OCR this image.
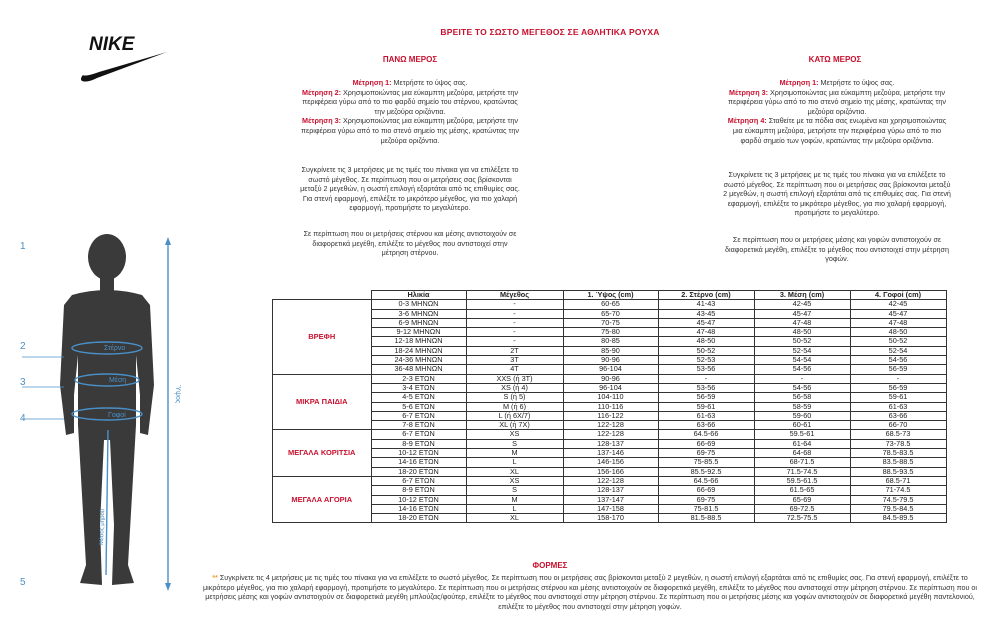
ΒΡΕΙΤΕ ΤΟ ΣΩΣΤΟ ΜΕΓΕΘΟΣ ΣΕ ΑΘΛΗΤΙΚΑ ΡΟΥΧΑ
NIKE
ΠΑΝΩ ΜΕΡΟΣ
Μέτρηση 1: Μετρήστε το ύψος σας.
Μέτρηση 2: Χρησιμοποιώντας μια εύκαμπτη μεζούρα, μετρήστε την περιφέρεια γύρω από το πιο φαρδύ σημείο του στέρνου, κρατώντας την μεζούρα οριζόντια.
Μέτρηση 3: Χρησιμοποιώντας μια εύκαμπτη μεζούρα, μετρήστε την περιφέρεια γύρω από το πιο στενό σημείο της μέσης, κρατώντας την μεζούρα οριζόντια.
Συγκρίνετε τις 3 μετρήσεις με τις τιμές του πίνακα για να επιλέξετε το σωστό μέγεθος. Σε περίπτωση που οι μετρήσεις σας βρίσκονται μεταξύ 2 μεγεθών, η σωστή επιλογή εξαρτάται από τις επιθυμίες σας. Για στενή εφαρμογή, επιλέξτε το μικρότερο μέγεθος, για πιο χαλαρή εφαρμογή, προτιμήστε το μεγαλύτερο.
Σε περίπτωση που οι μετρήσεις στέρνου και μέσης αντιστοιχούν σε διαφορετικά μεγέθη, επιλέξτε το μέγεθος που αντιστοιχεί στην μέτρηση στέρνου.
ΚΑΤΩ ΜΕΡΟΣ
Μέτρηση 1: Μετρήστε το ύψος σας.
Μέτρηση 3: Χρησιμοποιώντας μια εύκαμπτη μεζούρα, μετρήστε την περιφέρεια γύρω από το πιο στενό σημείο της μέσης, κρατώντας την μεζούρα οριζόντια.
Μέτρηση 4: Σταθείτε με τα πόδια σας ενωμένα και χρησιμοποιώντας μια εύκαμπτη μεζούρα, μετρήστε την περιφέρεια γύρω από το πιο φαρδύ σημείο των γοφών, κρατώντας την μεζούρα οριζόντια.
Συγκρίνετε τις 3 μετρήσεις με τις τιμές του πίνακα για να επιλέξετε το σωστό μέγεθος. Σε περίπτωση που οι μετρήσεις σας βρίσκονται μεταξύ 2 μεγεθών, η σωστή επιλογή εξαρτάται από τις επιθυμίες σας. Για στενή εφαρμογή, επιλέξτε το μικρότερο μέγεθος, για πιο χαλαρή εφαρμογή, προτιμήστε το μεγαλύτερο.
Σε περίπτωση που οι μετρήσεις μέσης και γοφών αντιστοιχούν σε διαφορετικά μεγέθη, επιλέξτε το μέγεθος που αντιστοιχεί στην μέτρηση γοφών.
1
2
3
4
5
Στέρνο
Μέση
Γοφοί
Ύψος
Μέσος μηρού
	Ηλικία	Μέγεθος	1. Ύψος (cm)	2. Στέρνο (cm)	3. Μέση (cm)	4. Γοφοί (cm)
ΒΡΕΦΗ	0-3 ΜΗΝΩΝ	-	60-65	41-43	42-45	42-45
	3-6 ΜΗΝΩΝ	-	65-70	43-45	45-47	45-47
	6-9 ΜΗΝΩΝ	-	70-75	45-47	47-48	47-48
	9-12 ΜΗΝΩΝ	-	75-80	47-48	48-50	48-50
	12-18 ΜΗΝΩΝ	-	80-85	48-50	50-52	50-52
	18-24 ΜΗΝΩΝ	2T	85-90	50-52	52-54	52-54
	24-36 ΜΗΝΩΝ	3T	90-96	52-53	54-54	54-56
	36-48 ΜΗΝΩΝ	4T	96-104	53-56	54-56	56-59
ΜΙΚΡΑ ΠΑΙΔΙΑ	2-3 ΕΤΩΝ	XXS (ή 3T)	90-96	-	-	-
	3-4 ΕΤΩΝ	XS (ή 4)	96-104	53-56	54-56	56-59
	4-5 ΕΤΩΝ	S (ή 5)	104-110	56-59	56-58	59-61
	5-6 ΕΤΩΝ	M (ή 6)	110-116	59-61	58-59	61-63
	6-7 ΕΤΩΝ	L (ή 6X/7)	116-122	61-63	59-60	63-66
	7-8 ΕΤΩΝ	XL (ή 7X)	122-128	63-66	60-61	66-70
ΜΕΓΑΛΑ ΚΟΡΙΤΣΙΑ	6-7 ΕΤΩΝ	XS	122-128	64.5-66	59.5-61	68.5-73
	8-9 ΕΤΩΝ	S	128-137	66-69	61-64	73-78.5
	10-12 ΕΤΩΝ	M	137-146	69-75	64-68	78.5-83.5
	14-16 ΕΤΩΝ	L	146-156	75-85.5	68-71.5	83.5-88.5
	18-20 ΕΤΩΝ	XL	156-166	85.5-92.5	71.5-74.5	88.5-93.5
ΜΕΓΑΛΑ ΑΓΟΡΙΑ	6-7 ΕΤΩΝ	XS	122-128	64.5-66	59.5-61.5	68.5-71
	8-9 ΕΤΩΝ	S	128-137	66-69	61.5-65	71-74.5
	10-12 ΕΤΩΝ	M	137-147	69-75	65-69	74.5-79.5
	14-16 ΕΤΩΝ	L	147-158	75-81.5	69-72.5	79.5-84.5
	18-20 ΕΤΩΝ	XL	158-170	81.5-88.5	72.5-75.5	84.5-89.5
ΦΟΡΜΕΣ
** Συγκρίνετε τις 4 μετρήσεις με τις τιμές του πίνακα για να επιλέξετε το σωστό μέγεθος. Σε περίπτωση που οι μετρήσεις σας βρίσκονται μεταξύ 2 μεγεθών, η σωστή επιλογή εξαρτάται από τις επιθυμίες σας. Για στενή εφαρμογή, επιλέξτε το μικρότερο μέγεθος, για πιο χαλαρή εφαρμογή, προτιμήστε το μεγαλύτερο. Σε περίπτωση που οι μετρήσεις στέρνου και μέσης αντιστοιχούν σε διαφορετικά μεγέθη, επιλέξτε το μέγεθος που αντιστοιχεί στην μέτρηση στέρνου. Σε περίπτωση που οι μετρήσεις μέσης και γοφών αντιστοιχούν σε διαφορετικά μεγέθη μπλούζας/φούτερ, επιλέξτε το μέγεθος που αντιστοιχεί στην μέτρηση στέρνου. Σε περίπτωση που οι μετρήσεις μέσης και γοφών αντιστοιχούν σε διαφορετικά μεγέθη παντελονιού, επιλέξτε το μέγεθος που αντιστοιχεί στην μέτρηση γοφών.
